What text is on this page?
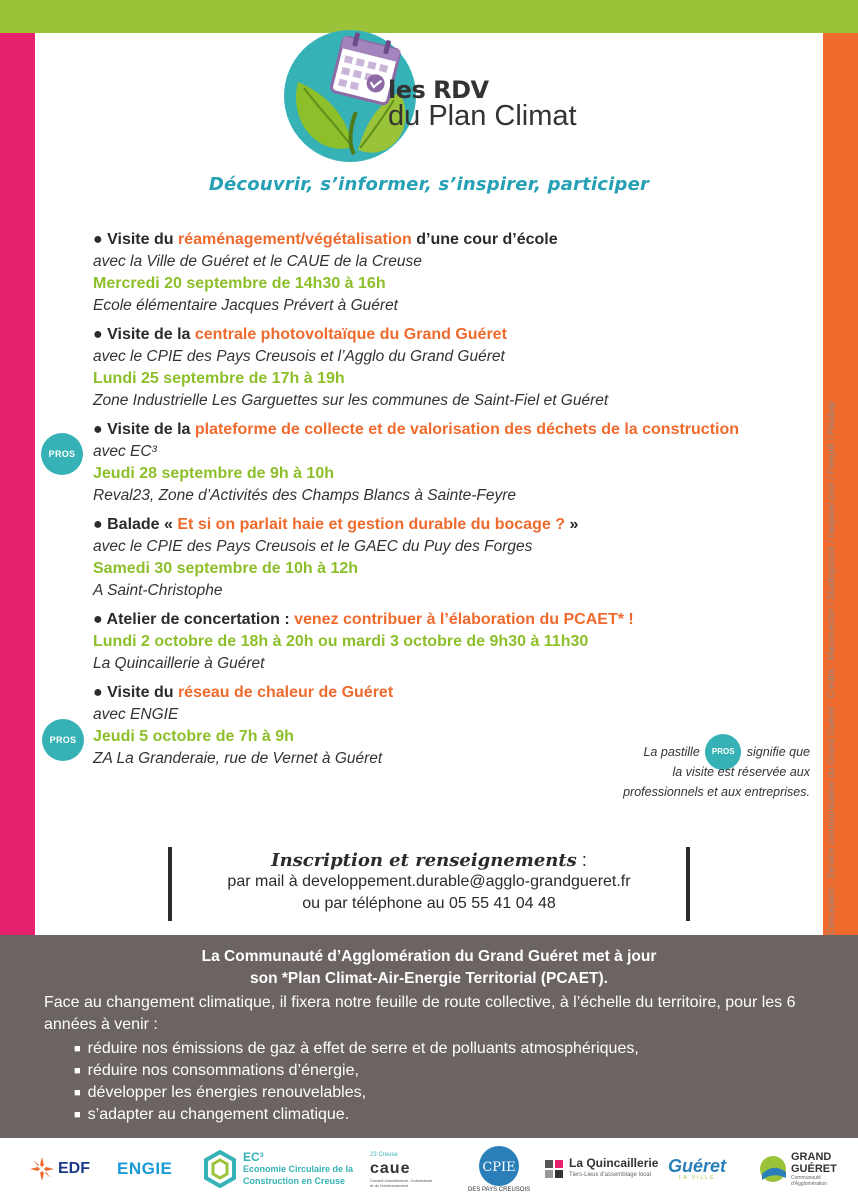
Conception : Service communication du Grand Guéret · Crédits : Macrovector / Studiogstock / rawpixel.com / Freepik / Pixabay
les RDV
du Plan Climat
Découvrir, s’informer, s’inspirer, participer
● Visite du réaménagement/végétalisation d’une cour d’école
avec la Ville de Guéret et le CAUE de la Creuse
Mercredi 20 septembre de 14h30 à 16h
Ecole élémentaire Jacques Prévert à Guéret
● Visite de la centrale photovoltaïque du Grand Guéret
avec le CPIE des Pays Creusois et l’Agglo du Grand Guéret
Lundi 25 septembre de 17h à 19h
Zone Industrielle Les Garguettes sur les communes de Saint-Fiel et Guéret
● Visite de la plateforme de collecte et de valorisation des déchets de la construction
avec EC³
Jeudi 28 septembre de 9h à 10h
Reval23, Zone d’Activités des Champs Blancs à Sainte-Feyre
● Balade « Et si on parlait haie et gestion durable du bocage ? »
avec le CPIE des Pays Creusois et le GAEC du Puy des Forges
Samedi 30 septembre de 10h à 12h
A Saint-Christophe
● Atelier de concertation : venez contribuer à l’élaboration du PCAET* !
Lundi 2 octobre de 18h à 20h ou mardi 3 octobre de 9h30 à 11h30
La Quincaillerie à Guéret
● Visite du réseau de chaleur de Guéret
avec ENGIE
Jeudi 5 octobre de 7h à 9h
ZA La Granderaie, rue de Vernet à Guéret
PROS
PROS
La pastille PROS signifie que
la visite est réservée aux
professionnels et aux entreprises.
Inscription et renseignements :
par mail à developpement.durable@agglo-grandgueret.fr
ou par téléphone au 05 55 41 04 48
La Communauté d’Agglomération du Grand Guéret met à jour
son *Plan Climat-Air-Energie Territorial (PCAET).
Face au changement climatique, il fixera notre feuille de route collective, à l’échelle du territoire, pour les 6 années à venir :
■ réduire nos émissions de gaz à effet de serre et de polluants atmosphériques,
■ réduire nos consommations d’énergie,
■ développer les énergies renouvelables,
■ s’adapter au changement climatique.
EDF ENGIE
EC³
Economie Circulaire de la
Construction en Creuse
23 Creuse
caue
Conseil d'architecture, d'urbanisme et de l'environnement
CPIE
DES PAYS CREUSOIS
La Quincaillerie
Tiers-Lieux d'assemblage local Guéret
LA VILLE
GRAND
GUÉRET
Communauté d'Agglomération
